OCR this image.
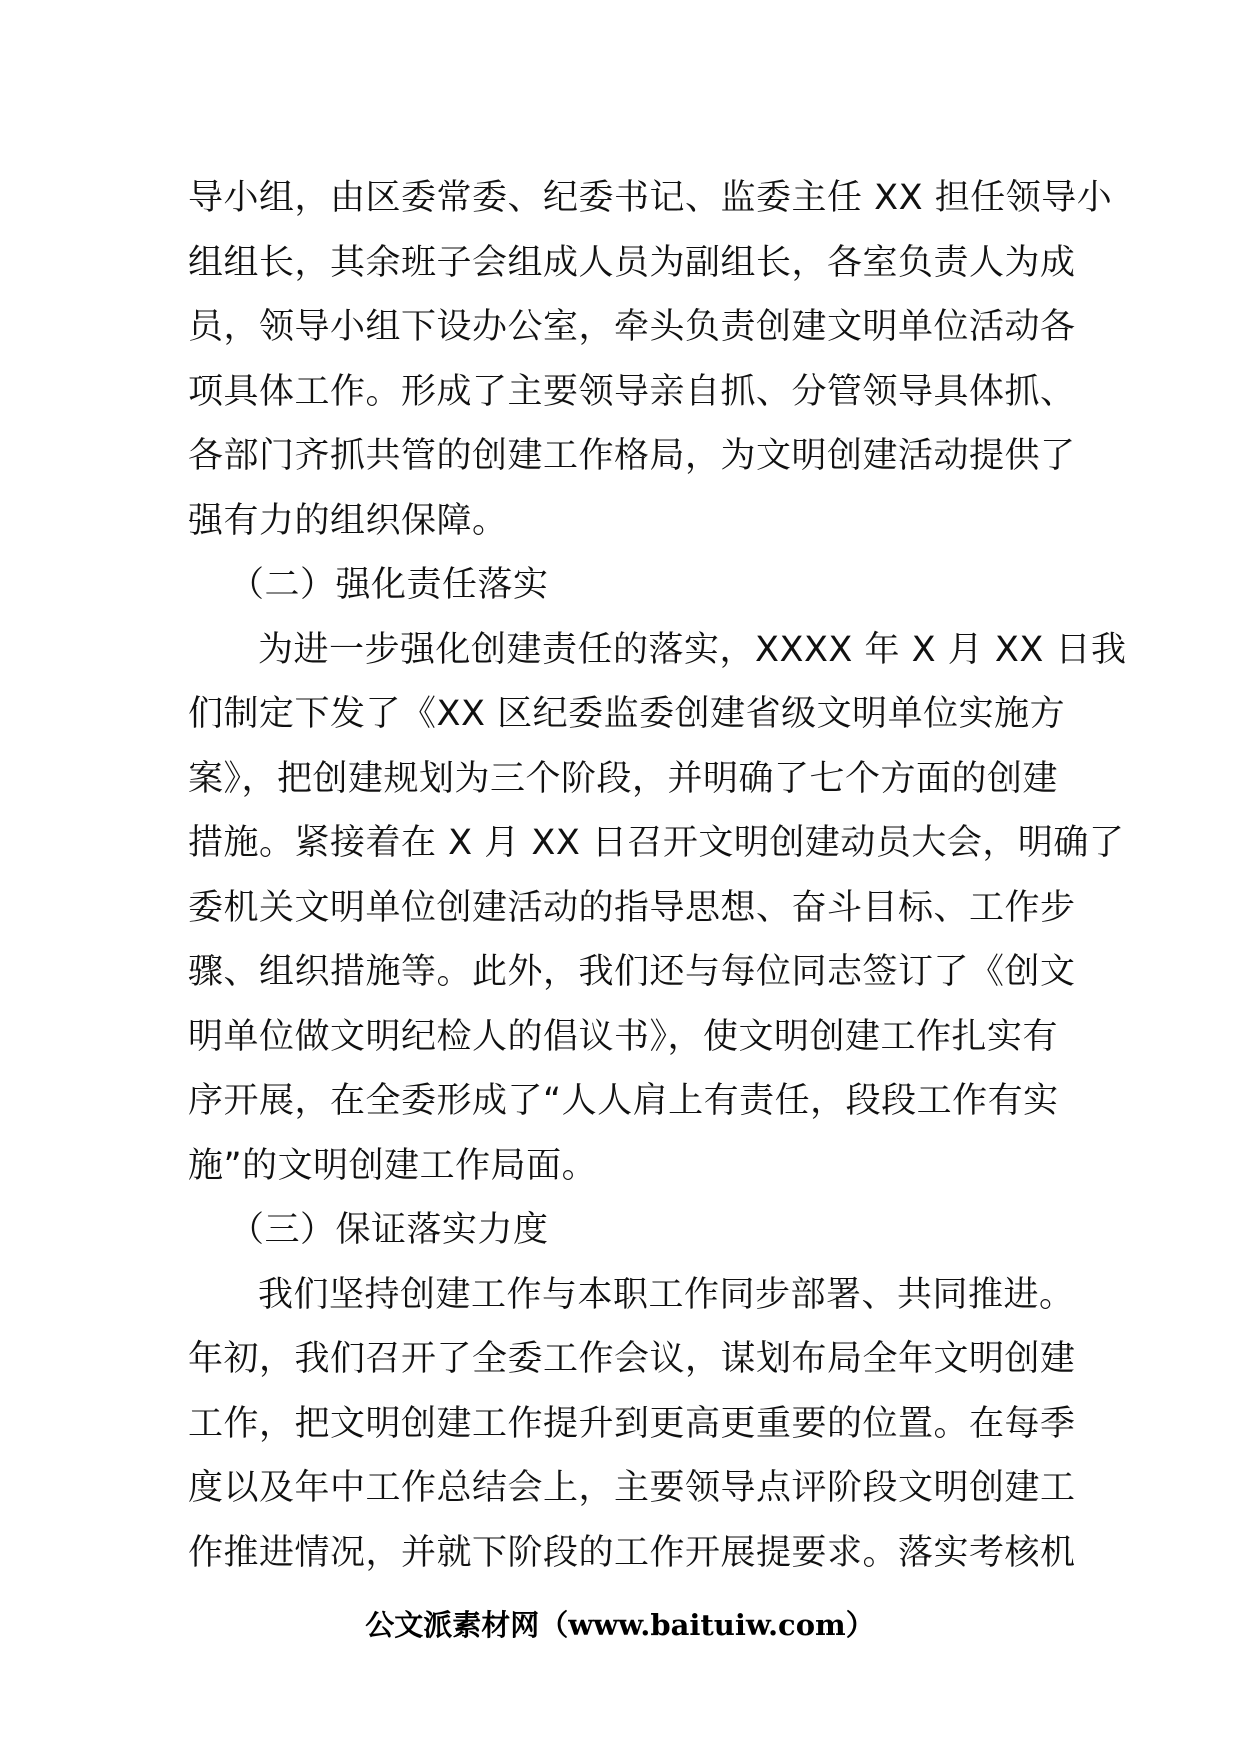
导小组，由区委常委、纪委书记、监委主任 XX 担任领导小
组组长，其余班子会组成人员为副组长，各室负责人为成
员，领导小组下设办公室，牵头负责创建文明单位活动各
项具体工作。形成了主要领导亲自抓、分管领导具体抓、
各部门齐抓共管的创建工作格局，为文明创建活动提供了
强有力的组织保障。
（二）强化责任落实
为进一步强化创建责任的落实，XXXX 年 X 月 XX 日我
们制定下发了《XX 区纪委监委创建省级文明单位实施方
案》，把创建规划为三个阶段，并明确了七个方面的创建
措施。紧接着在 X 月 XX 日召开文明创建动员大会，明确了
委机关文明单位创建活动的指导思想、奋斗目标、工作步
骤、组织措施等。此外，我们还与每位同志签订了《创文
明单位做文明纪检人的倡议书》，使文明创建工作扎实有
序开展，在全委形成了“人人肩上有责任，段段工作有实
施”的文明创建工作局面。
（三）保证落实力度
我们坚持创建工作与本职工作同步部署、共同推进。
年初，我们召开了全委工作会议，谋划布局全年文明创建
工作，把文明创建工作提升到更高更重要的位置。在每季
度以及年中工作总结会上，主要领导点评阶段文明创建工
作推进情况，并就下阶段的工作开展提要求。落实考核机
公文派素材网（www.baituiw.com）
